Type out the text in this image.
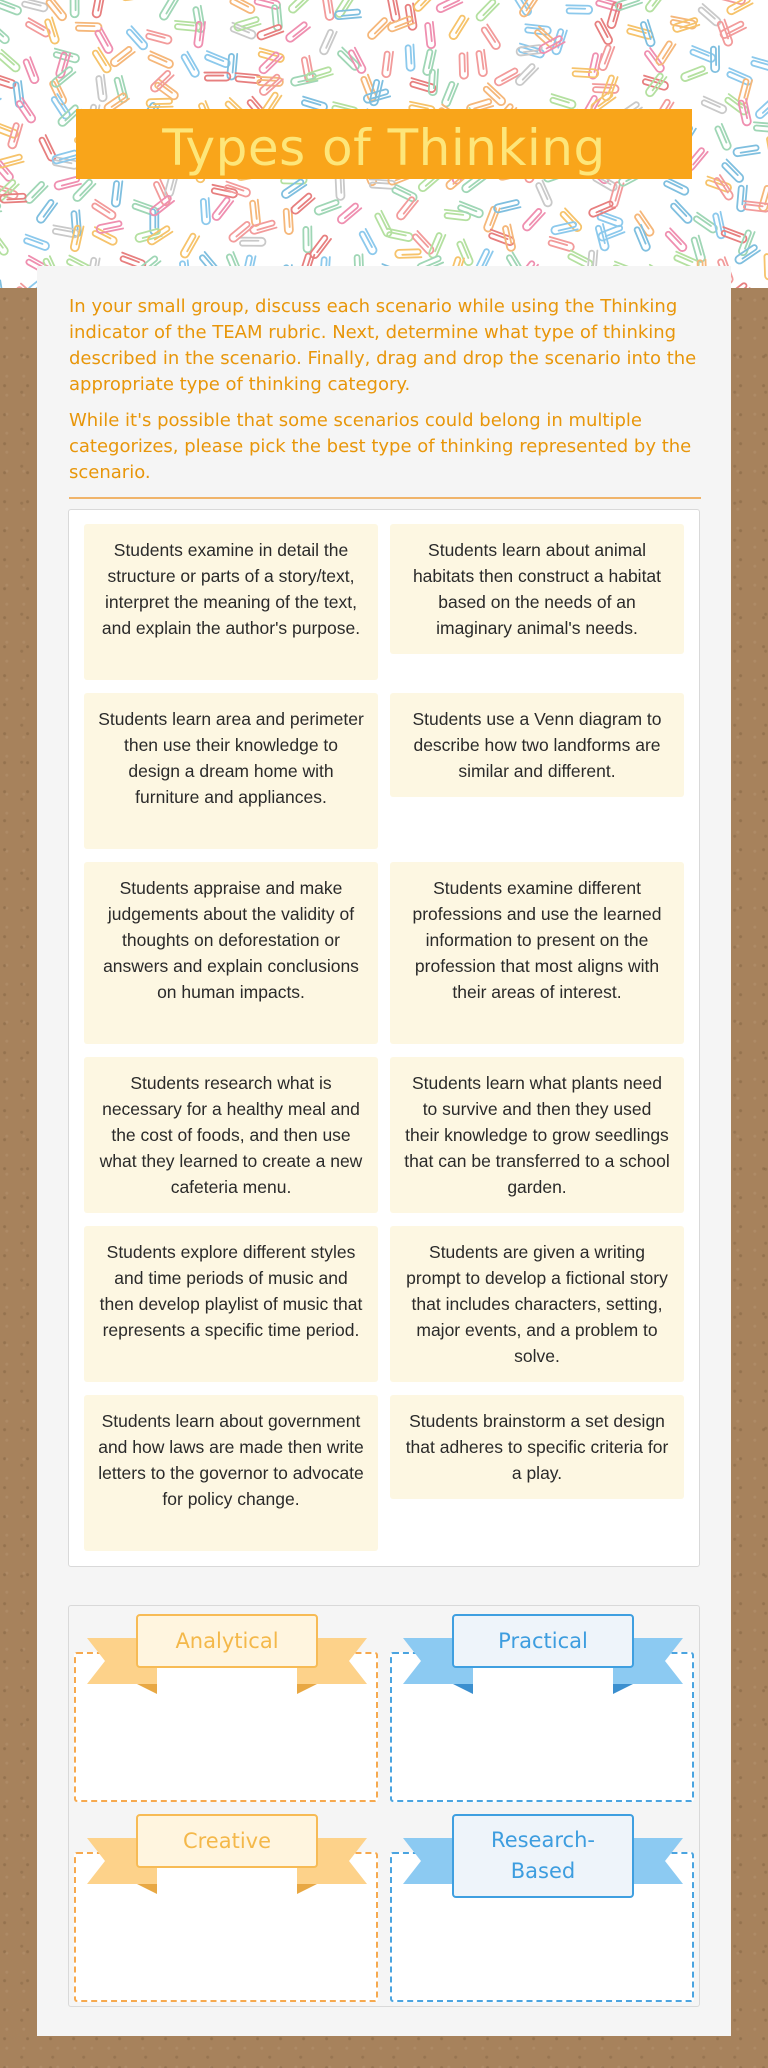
Types of Thinking

In your small group, discuss each scenario while using the Thinking indicator of the TEAM rubric. Next, determine what type of thinking described in the scenario. Finally, drag and drop the scenario into the appropriate type of thinking category.

While it's possible that some scenarios could belong in multiple categorizes, please pick the best type of thinking represented by the scenario.

Students examine in detail the structure or parts of a story/text, interpret the meaning of the text, and explain the author's purpose.
Students learn about animal habitats then construct a habitat based on the needs of an imaginary animal's needs.
Students learn area and perimeter then use their knowledge to design a dream home with furniture and appliances.
Students use a Venn diagram to describe how two landforms are similar and different.
Students appraise and make judgements about the validity of thoughts on deforestation or answers and explain conclusions on human impacts.
Students examine different professions and use the learned information to present on the profession that most aligns with their areas of interest.
Students research what is necessary for a healthy meal and the cost of foods, and then use what they learned to create a new cafeteria menu.
Students learn what plants need to survive and then they used their knowledge to grow seedlings that can be transferred to a school garden.
Students explore different styles and time periods of music and then develop playlist of music that represents a specific time period.
Students are given a writing prompt to develop a fictional story that includes characters, setting, major events, and a problem to solve.
Students learn about government and how laws are made then write letters to the governor to advocate for policy change.
Students brainstorm a set design that adheres to specific criteria for a play.
Analytical	Practical
Creative	Research-Based
